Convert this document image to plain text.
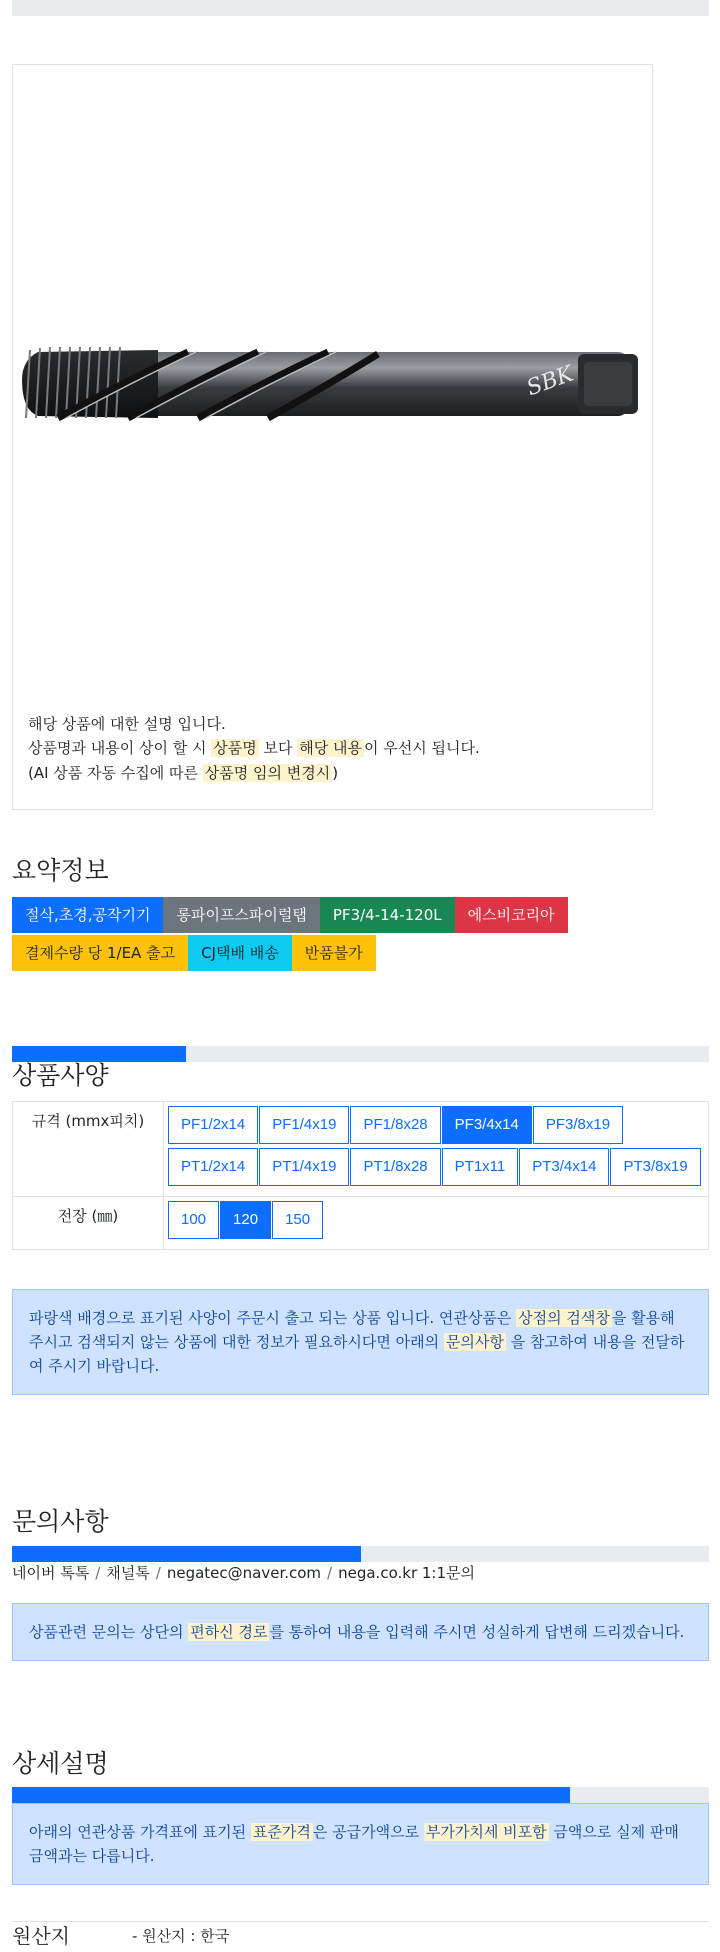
SBK
해당 상품에 대한 설명 입니다.
상품명과 내용이 상이 할 시 상품명 보다 해당 내용 이 우선시 됩니다.
(AI 상품 자동 수집에 따른 상품명 임의 변경시 )
요약정보
절삭,초경,공작기기	롱파이프스파이럴탭	PF3/4-14-120L	에스비코리아
결제수량 당 1/EA 출고	CJ택배 배송	반품불가
상품사양
규격 (mmx피치)	PF1/2x14	PF1/4x19	PF1/8x28	PF3/4x14	PF3/8x19
PT1/2x14	PT1/4x19	PT1/8x28	PT1x11	PT3/4x14	PT3/8x19
전장 (㎜)	100	120	150
파랑색 배경으로 표기된 사양이 주문시 출고 되는 상품 입니다. 연관상품은 상점의 검색창 을 활용해 주시고 검색되지 않는 상품에 대한 정보가 필요하시다면 아래의 문의사항 을 참고하여 내용을 전달하여 주시기 바랍니다.
문의사항
네이버 톡톡 / 채널톡 / negatec@naver.com / nega.co.kr 1:1문의
상품관련 문의는 상단의 편하신 경로 를 통하여 내용을 입력해 주시면 성실하게 답변해 드리겠습니다.
상세설명
아래의 연관상품 가격표에 표기된 표준가격 은 공급가액으로 부가가치세 비포함 금액으로 실제 판매금액과는 다릅니다.
원산지	- 원산지 : 한국
